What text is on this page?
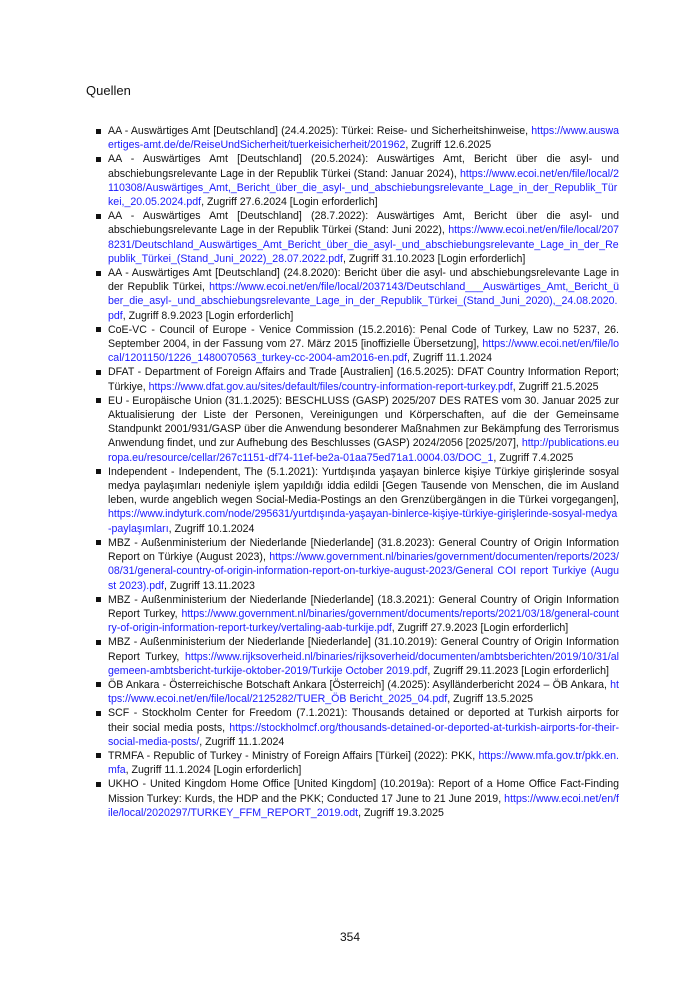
Quellen
AA - Auswärtiges Amt [Deutschland] (24.4.2025): Türkei: Reise- und Sicherheitshinweise, https://www.auswaertiges-amt.de/de/ReiseUndSicherheit/tuerkeisicherheit/201962, Zugriff 12.6.2025
AA - Auswärtiges Amt [Deutschland] (20.5.2024): Auswärtiges Amt, Bericht über die asyl- und abschiebungsrelevante Lage in der Republik Türkei (Stand: Januar 2024), https://www.ecoi.net/en/file/local/2110308/Auswärtiges_Amt,_Bericht_über_die_asyl-_und_abschiebungsrelevante_Lage_in_der_Republik_Türkei,_20.05.2024.pdf, Zugriff 27.6.2024 [Login erforderlich]
AA - Auswärtiges Amt [Deutschland] (28.7.2022): Auswärtiges Amt, Bericht über die asyl- und abschiebungsrelevante Lage in der Republik Türkei (Stand: Juni 2022), https://www.ecoi.net/en/file/local/2078231/Deutschland_Auswärtiges_Amt_Bericht_über_die_asyl-_und_abschiebungsrelevante_Lage_in_der_Republik_Türkei_(Stand_Juni_2022)_28.07.2022.pdf, Zugriff 31.10.2023 [Login erforderlich]
AA - Auswärtiges Amt [Deutschland] (24.8.2020): Bericht über die asyl- und abschiebungsrelevante Lage in der Republik Türkei, https://www.ecoi.net/en/file/local/2037143/Deutschland___Auswärtiges_Amt,_Bericht_über_die_asyl-_und_abschiebungsrelevante_Lage_in_der_Republik_Türkei_(Stand_Juni_2020),_24.08.2020.pdf, Zugriff 8.9.2023 [Login erforderlich]
CoE-VC - Council of Europe - Venice Commission (15.2.2016): Penal Code of Turkey, Law no 5237, 26. September 2004, in der Fassung vom 27. März 2015 [inoffizielle Übersetzung], https://www.ecoi.net/en/file/local/1201150/1226_1480070563_turkey-cc-2004-am2016-en.pdf, Zugriff 11.1.2024
DFAT - Department of Foreign Affairs and Trade [Australien] (16.5.2025): DFAT Country Information Report; Türkiye, https://www.dfat.gov.au/sites/default/files/country-information-report-turkey.pdf, Zugriff 21.5.2025
EU - Europäische Union (31.1.2025): BESCHLUSS (GASP) 2025/207 DES RATES vom 30. Januar 2025 zur Aktualisierung der Liste der Personen, Vereinigungen und Körperschaften, auf die der Gemeinsame Standpunkt 2001/931/GASP über die Anwendung besonderer Maßnahmen zur Bekämpfung des Terrorismus Anwendung findet, und zur Aufhebung des Beschlusses (GASP) 2024/2056 [2025/207], http://publications.europa.eu/resource/cellar/267c1151-df74-11ef-be2a-01aa75ed71a1.0004.03/DOC_1, Zugriff 7.4.2025
Independent - Independent, The (5.1.2021): Yurtdışında yaşayan binlerce kişiye Türkiye girişlerinde sosyal medya paylaşımları nedeniyle işlem yapıldığı iddia edildi [Gegen Tausende von Menschen, die im Ausland leben, wurde angeblich wegen Social-Media-Postings an den Grenzübergängen in die Türkei vorgegangen], https://www.indyturk.com/node/295631/yurtdışında-yaşayan-binlerce-kişiye-türkiye-girişlerinde-sosyal-medya-paylaşımları, Zugriff 10.1.2024
MBZ - Außenministerium der Niederlande [Niederlande] (31.8.2023): General Country of Origin Information Report on Türkiye (August 2023), https://www.government.nl/binaries/government/documenten/reports/2023/08/31/general-country-of-origin-information-report-on-turkiye-august-2023/General COI report Turkiye (August 2023).pdf, Zugriff 13.11.2023
MBZ - Außenministerium der Niederlande [Niederlande] (18.3.2021): General Country of Origin Information Report Turkey, https://www.government.nl/binaries/government/documents/reports/2021/03/18/general-country-of-origin-information-report-turkey/vertaling-aab-turkije.pdf, Zugriff 27.9.2023 [Login erforderlich]
MBZ - Außenministerium der Niederlande [Niederlande] (31.10.2019): General Country of Origin Information Report Turkey, https://www.rijksoverheid.nl/binaries/rijksoverheid/documenten/ambtsberichten/2019/10/31/algemeen-ambtsbericht-turkije-oktober-2019/Turkije October 2019.pdf, Zugriff 29.11.2023 [Login erforderlich]
ÖB Ankara - Österreichische Botschaft Ankara [Österreich] (4.2025): Asylländerbericht 2024 – ÖB Ankara, https://www.ecoi.net/en/file/local/2125282/TUER_ÖB Bericht_2025_04.pdf, Zugriff 13.5.2025
SCF - Stockholm Center for Freedom (7.1.2021): Thousands detained or deported at Turkish airports for their social media posts, https://stockholmcf.org/thousands-detained-or-deported-at-turkish-airports-for-their-social-media-posts/, Zugriff 11.1.2024
TRMFA - Republic of Turkey - Ministry of Foreign Affairs [Türkei] (2022): PKK, https://www.mfa.gov.tr/pkk.en.mfa, Zugriff 11.1.2024 [Login erforderlich]
UKHO - United Kingdom Home Office [United Kingdom] (10.2019a): Report of a Home Office Fact-Finding Mission Turkey: Kurds, the HDP and the PKK; Conducted 17 June to 21 June 2019, https://www.ecoi.net/en/file/local/2020297/TURKEY_FFM_REPORT_2019.odt, Zugriff 19.3.2025
354
